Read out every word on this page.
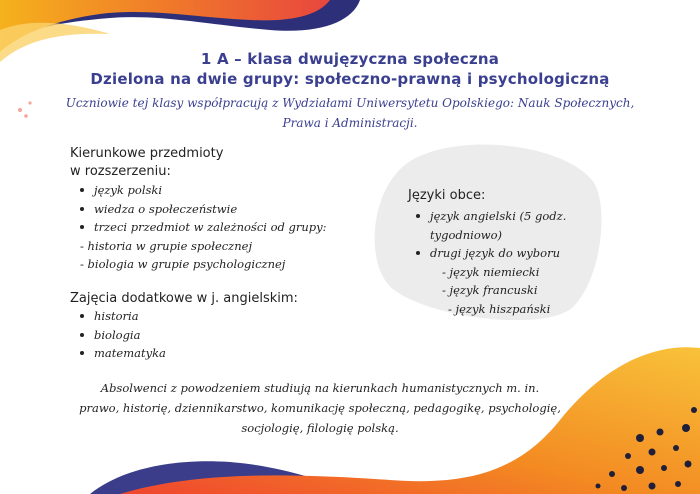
1 A – klasa dwujęzyczna społeczna
Dzielona na dwie grupy: społeczno-prawną i psychologiczną
Uczniowie tej klasy współpracują z Wydziałami Uniwersytetu Opolskiego: Nauk Społecznych,
Prawa i Administracji.
Kierunkowe przedmioty
w rozszerzeniu:
język polski
wiedza o społeczeństwie
trzeci przedmiot w zależności od grupy:
- historia w grupie społecznej
- biologia w grupie psychologicznej
Zajęcia dodatkowe w j. angielskim:
historia
biologia
matematyka
Języki obce:
język angielski (5 godz.
tygodniowo)
drugi język do wyboru
- język niemiecki
- język francuski
- język hiszpański
Absolwenci z powodzeniem studiują na kierunkach humanistycznych m. in.
prawo, historię, dziennikarstwo, komunikację społeczną, pedagogikę, psychologię,
socjologię, filologię polską.
